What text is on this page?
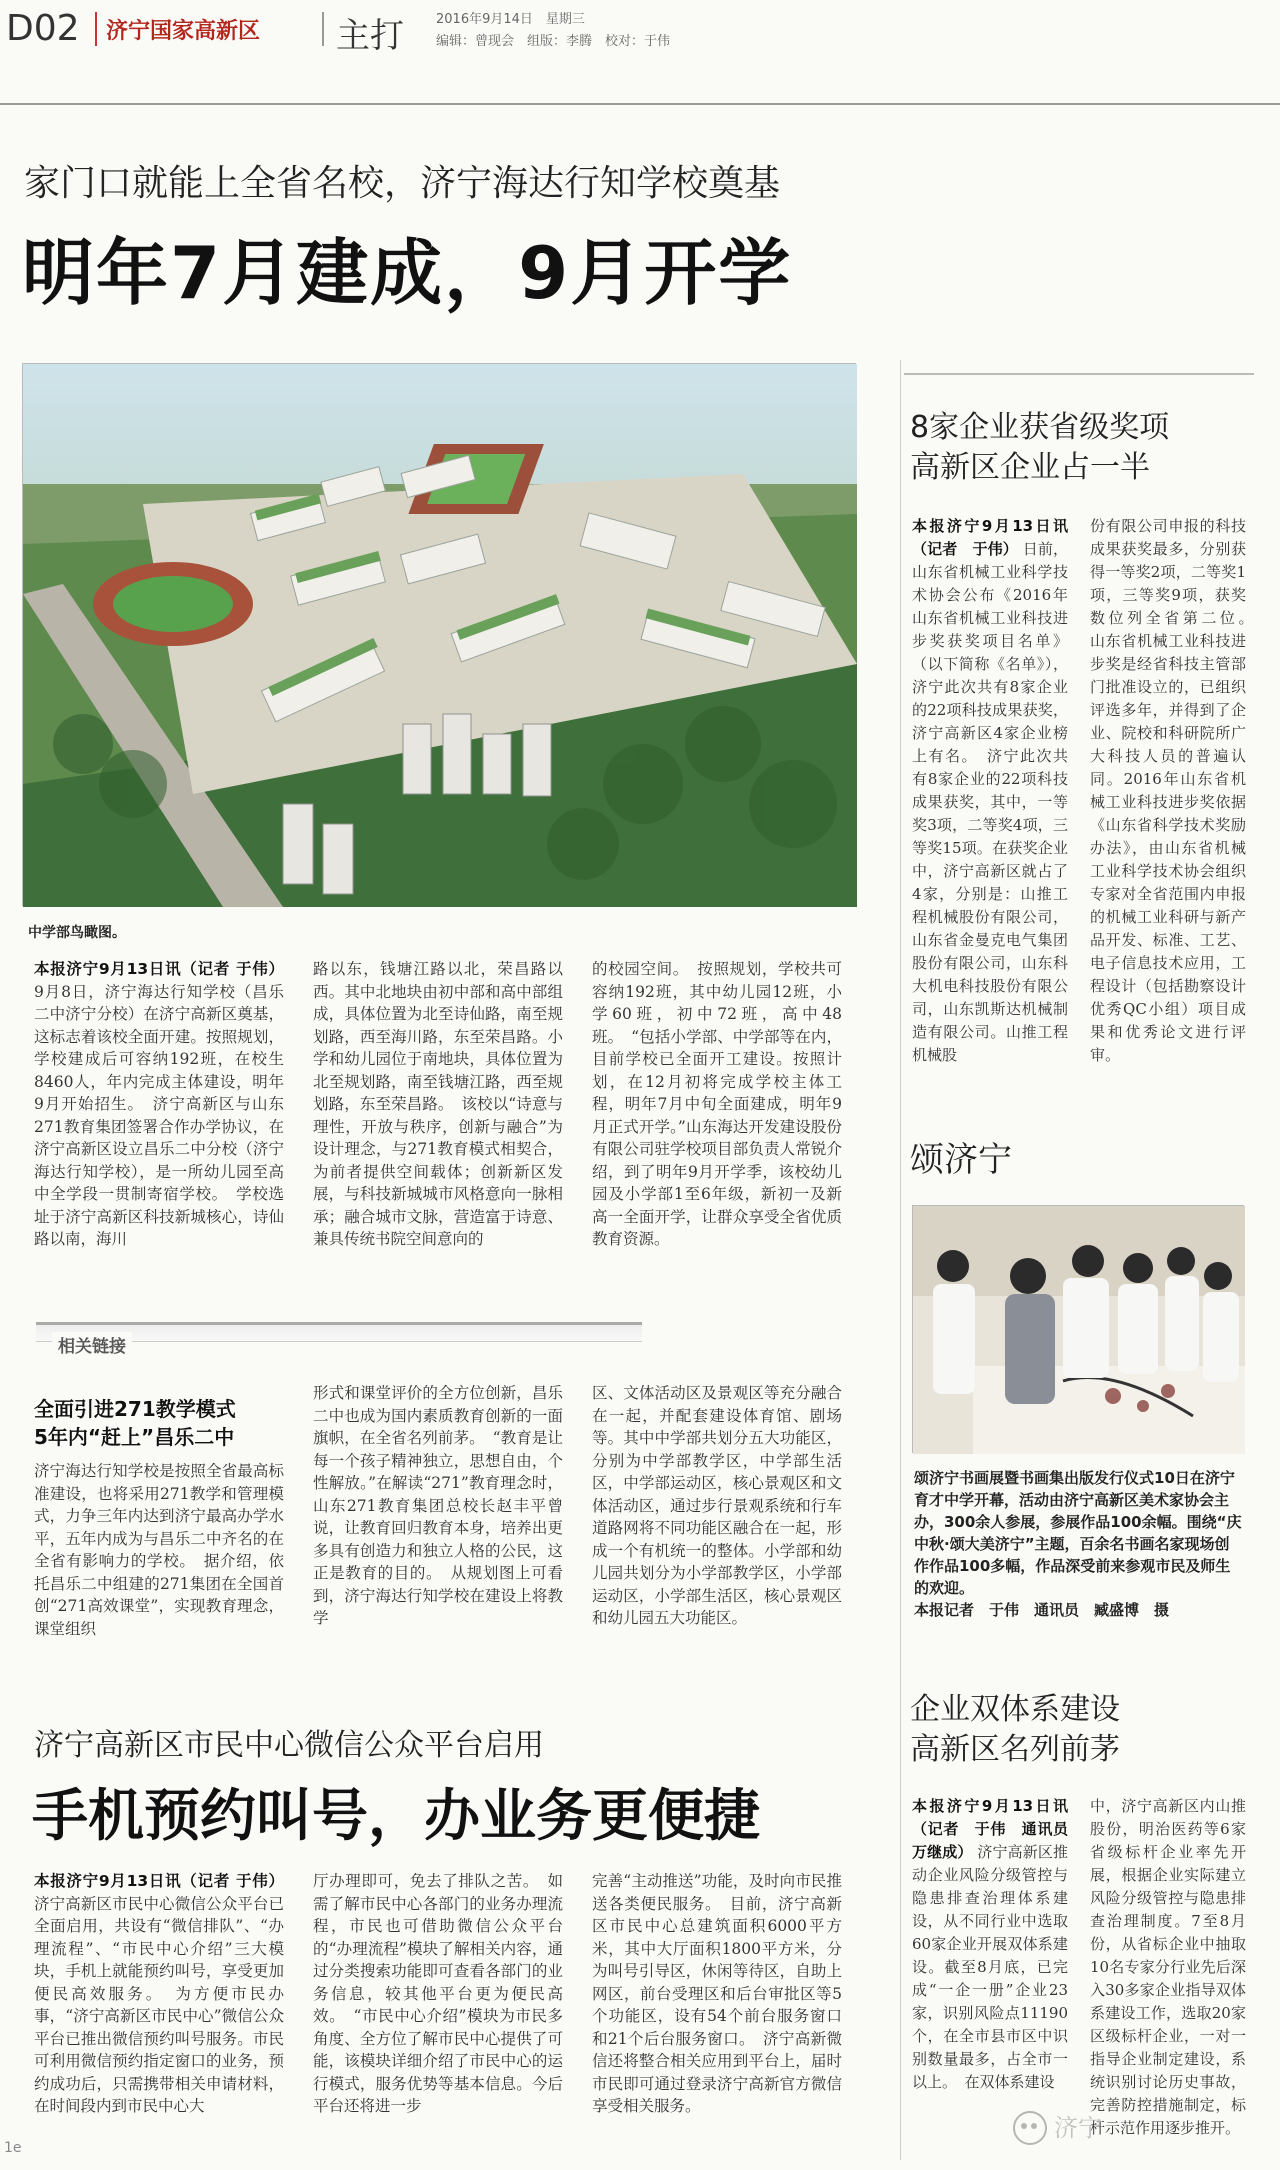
D02 济宁国家高新区 主打 2016年9月14日　星期三
编辑：曾现会　组版：李腾　校对：于伟
家门口就能上全省名校，济宁海达行知学校奠基
明年7月建成，9月开学
中学部鸟瞰图。
本报济宁9月13日讯（记者 于伟） 9月8日，济宁海达行知学校（昌乐二中济宁分校）在济宁高新区奠基，这标志着该校全面开建。按照规划，学校建成后可容纳192班，在校生8460人，年内完成主体建设，明年9月开始招生。　济宁高新区与山东271教育集团签署合作办学协议，在济宁高新区设立昌乐二中分校（济宁海达行知学校），是一所幼儿园至高中全学段一贯制寄宿学校。　学校选址于济宁高新区科技新城核心，诗仙路以南，海川
路以东，钱塘江路以北，荣昌路以西。其中北地块由初中部和高中部组成，具体位置为北至诗仙路，南至规划路，西至海川路，东至荣昌路。小学和幼儿园位于南地块，具体位置为北至规划路，南至钱塘江路，西至规划路，东至荣昌路。　该校以“诗意与理性，开放与秩序，创新与融合”为设计理念，与271教育模式相契合，为前者提供空间载体；创新新区发展，与科技新城城市风格意向一脉相承；融合城市文脉，营造富于诗意、兼具传统书院空间意向的
的校园空间。　按照规划，学校共可容纳192班，其中幼儿园12班，小学60班，初中72班，高中48班。　“包括小学部、中学部等在内，目前学校已全面开工建设。按照计划，在12月初将完成学校主体工程，明年7月中旬全面建成，明年9月正式开学。”山东海达开发建设股份有限公司驻学校项目部负责人常锐介绍，到了明年9月开学季，该校幼儿园及小学部1至6年级，新初一及新高一全面开学，让群众享受全省优质教育资源。
相关链接
全面引进271教学模式
5年内“赶上”昌乐二中
济宁海达行知学校是按照全省最高标准建设，也将采用271教学和管理模式，力争三年内达到济宁最高办学水平，五年内成为与昌乐二中齐名的在全省有影响力的学校。　据介绍，依托昌乐二中组建的271集团在全国首创“271高效课堂”，实现教育理念，课堂组织
形式和课堂评价的全方位创新，昌乐二中也成为国内素质教育创新的一面旗帜，在全省名列前茅。　“教育是让每一个孩子精神独立，思想自由，个性解放。”在解读“271”教育理念时，山东271教育集团总校长赵丰平曾说，让教育回归教育本身，培养出更多具有创造力和独立人格的公民，这正是教育的目的。　从规划图上可看到，济宁海达行知学校在建设上将教学
区、文体活动区及景观区等充分融合在一起，并配套建设体育馆、剧场等。其中中学部共划分五大功能区，分别为中学部教学区，中学部生活区，中学部运动区，核心景观区和文体活动区，通过步行景观系统和行车道路网将不同功能区融合在一起，形成一个有机统一的整体。小学部和幼儿园共划分为小学部教学区，小学部运动区，小学部生活区，核心景观区和幼儿园五大功能区。
济宁高新区市民中心微信公众平台启用
手机预约叫号，办业务更便捷
本报济宁9月13日讯（记者 于伟） 济宁高新区市民中心微信公众平台已全面启用，共设有“微信排队”、“办理流程”、“市民中心介绍”三大模块，手机上就能预约叫号，享受更加便民高效服务。　为方便市民办事，“济宁高新区市民中心”微信公众平台已推出微信预约叫号服务。市民可利用微信预约指定窗口的业务，预约成功后，只需携带相关申请材料，在时间段内到市民中心大
厅办理即可，免去了排队之苦。　如需了解市民中心各部门的业务办理流程，市民也可借助微信公众平台的“办理流程”模块了解相关内容，通过分类搜索功能即可查看各部门的业务信息，较其他平台更为便民高效。　“市民中心介绍”模块为市民多角度、全方位了解市民中心提供了可能，该模块详细介绍了市民中心的运行模式，服务优势等基本信息。今后平台还将进一步
完善“主动推送”功能，及时向市民推送各类便民服务。　目前，济宁高新区市民中心总建筑面积6000平方米，其中大厅面积1800平方米，分为叫号引导区，休闲等待区，自助上网区，前台受理区和后台审批区等5个功能区，设有54个前台服务窗口和21个后台服务窗口。　济宁高新微信还将整合相关应用到平台上，届时市民即可通过登录济宁高新官方微信享受相关服务。
8家企业获省级奖项
高新区企业占一半
本报济宁9月13日讯（记者　于伟） 日前，山东省机械工业科学技术协会公布《2016年山东省机械工业科技进步奖获奖项目名单》（以下简称《名单》），济宁此次共有8家企业的22项科技成果获奖，济宁高新区4家企业榜上有名。　济宁此次共有8家企业的22项科技成果获奖，其中，一等奖3项，二等奖4项，三等奖15项。在获奖企业中，济宁高新区就占了4家，分别是：山推工程机械股份有限公司，山东省金曼克电气集团股份有限公司，山东科大机电科技股份有限公司，山东凯斯达机械制造有限公司。山推工程机械股
份有限公司申报的科技成果获奖最多，分别获得一等奖2项，二等奖1项，三等奖9项，获奖数位列全省第二位。　山东省机械工业科技进步奖是经省科技主管部门批准设立的，已组织评选多年，并得到了企业、院校和科研院所广大科技人员的普遍认同。2016年山东省机械工业科技进步奖依据《山东省科学技术奖励办法》，由山东省机械工业科学技术协会组织专家对全省范围内申报的机械工业科研与新产品开发、标准、工艺、电子信息技术应用，工程设计（包括勘察设计优秀QC小组）项目成果和优秀论文进行评审。
颂济宁
颂济宁书画展暨书画集出版发行仪式10日在济宁育才中学开幕，活动由济宁高新区美术家协会主办，300余人参展，参展作品100余幅。围绕“庆中秋·颂大美济宁”主题，百余名书画名家现场创作作品100多幅，作品深受前来参观市民及师生的欢迎。
本报记者　于伟　通讯员　臧盛博　摄
企业双体系建设
高新区名列前茅
本报济宁9月13日讯（记者　于伟　通讯员　万继成） 济宁高新区推动企业风险分级管控与隐患排查治理体系建设，从不同行业中选取60家企业开展双体系建设。截至8月底，已完成“一企一册”企业23家，识别风险点11190个，在全市县市区中识别数量最多，占全市一以上。　在双体系建设
中，济宁高新区内山推股份，明治医药等6家省级标杆企业率先开展，根据企业实际建立风险分级管控与隐患排查治理制度。7至8月份，从省标企业中抽取10名专家分行业先后深入30多家企业指导双体系建设工作，选取20家区级标杆企业，一对一指导企业制定建设，系统识别讨论历史事故，完善防控措施制定，标杆示范作用逐步推开。
济宁
1e
